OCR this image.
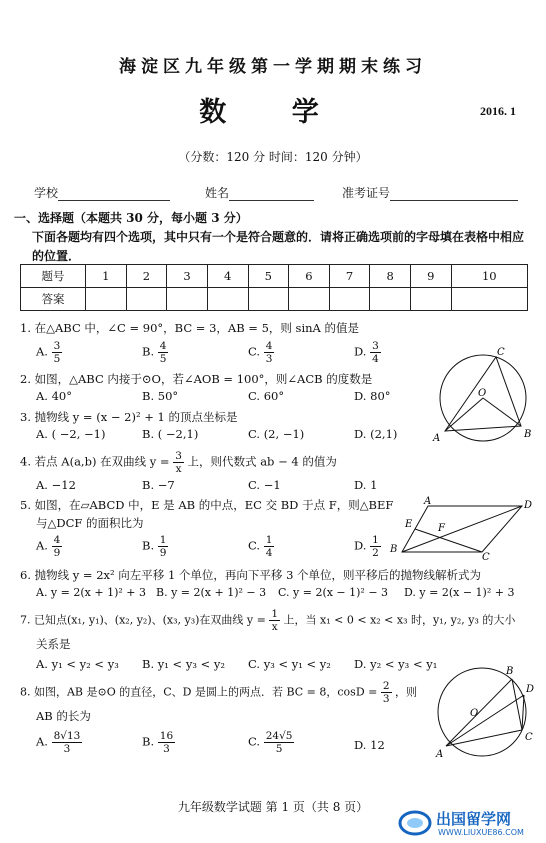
海淀区九年级第一学期期末练习
数 学	2016. 1
（分数：120 分 时间：120 分钟）
学校	姓名	准考证号
一、选择题（本题共 30 分，每小题 3 分）
下面各题均有四个选项，其中只有一个是符合题意的．请将正确选项前的字母填在表格中相应的位置．
题号	1	2	3	4	5	6	7	8	9	10
答案										
1. 在△ABC 中，∠C = 90°，BC = 3，AB = 5，则 sinA 的值是
A. $\frac{3}{5}$	B. $\frac{4}{5}$	C. $\frac{4}{3}$	D. $\frac{3}{4}$
2. 如图，△ABC 内接于⊙O，若∠AOB = 100°，则∠ACB 的度数是
A. 40°	B. 50°	C. 60°	D. 80°
C
O
A	B
3. 抛物线 y = (x − 2)² + 1 的顶点坐标是
A. ( −2, −1)	B. ( −2,1)	C. (2, −1)	D. (2,1)
4. 若点 A(a,b) 在双曲线 $y = \frac{3}{x}$ 上，则代数式 ab − 4 的值为
A. −12	B. −7	C. −1	D. 1
5. 如图，在▱ABCD 中，E 是 AB 的中点，EC 交 BD 于点 F，则△BEF
与△DCF 的面积比为
A. $\frac{4}{9}$	B. $\frac{1}{9}$	C. $\frac{1}{4}$	D. $\frac{1}{2}$
A	D
E	F
C
B
6. 抛物线 y = 2x² 向左平移 1 个单位，再向下平移 3 个单位，则平移后的抛物线解析式为
A. y = 2(x + 1)² + 3 B. y = 2(x + 1)² − 3 C. y = 2(x − 1)² − 3 D. y = 2(x − 1)² + 3
7. 已知点(x₁, y₁)、(x₂, y₂)、(x₃, y₃)在双曲线 $y = \frac{1}{x}$ 上，当 x₁ < 0 < x₂ < x₃ 时，y₁, y₂, y₃ 的大小
关系是
A. y₁ < y₂ < y₃ B. y₁ < y₃ < y₂ C. y₃ < y₁ < y₂ D. y₂ < y₃ < y₁
8. 如图，AB 是⊙O 的直径，C、D 是圆上的两点．若 BC = 8，$\cos D = \frac{2}{3}$ ，则
AB 的长为
A. $\frac{8√13}{3}$	B. $\frac{16}{3}$	C. $\frac{24√5}{5}$	D. 12
B
D
O
C
A
九年级数学试题 第 1 页（共 8 页）
出国留学网
WWW.LIUXUE86.COM
